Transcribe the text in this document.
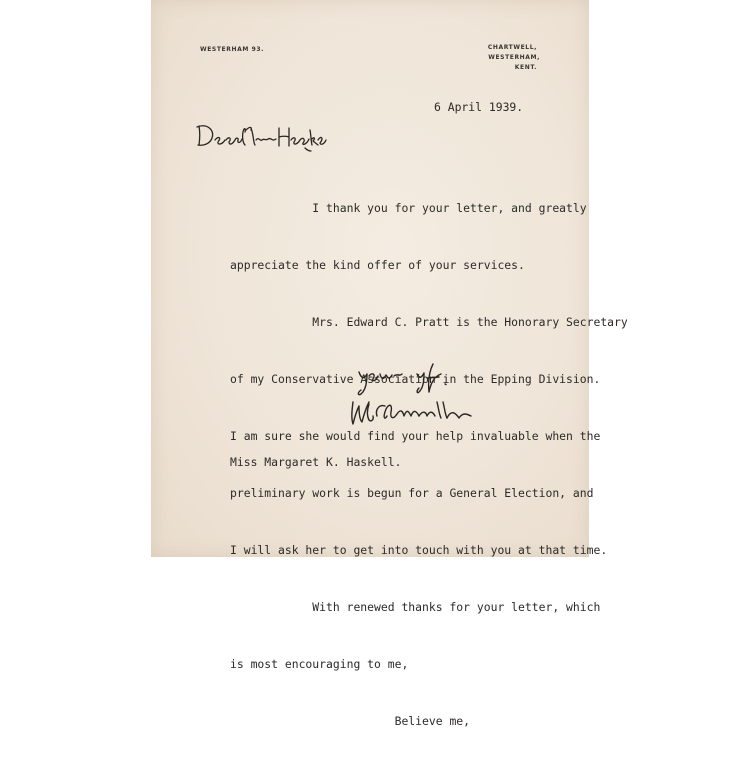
WESTERHAM 93.	CHARTWELL,
WESTERHAM,
KENT.
6 April 1939.

I thank you for your letter, and greatly

appreciate the kind offer of your services.

Mrs. Edward C. Pratt is the Honorary Secretary

of my Conservative Association in the Epping Division.

I am sure she would find your help invaluable when the

preliminary work is begun for a General Election, and

I will ask her to get into touch with you at that time.

With renewed thanks for your letter, which

is most encouraging to me,

Believe me,

Miss Margaret K. Haskell.
